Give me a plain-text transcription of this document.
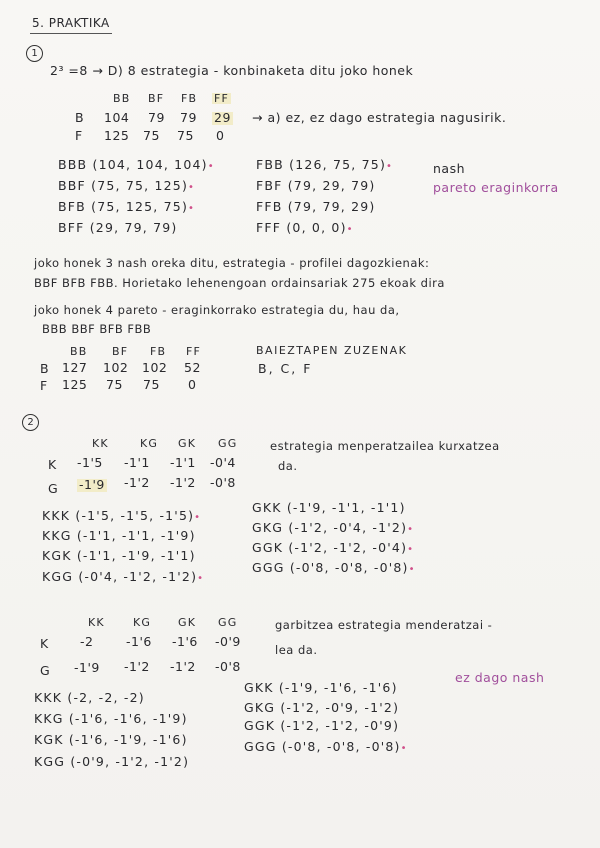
5. PRAKTIKA
1
2³ =8 → D) 8 estrategia - konbinaketa ditu joko honek
BB BF FB FF
B 104 79 79 29
F 125 75 75 0
→ a) ez, ez dago estrategia nagusirik.
BBB (104, 104, 104)•
BBF (75, 75, 125)•
BFB (75, 125, 75)•
BFF (29, 79, 79)
FBB (126, 75, 75)•
FBF (79, 29, 79)
FFB (79, 79, 29)
FFF (0, 0, 0)•
nash
pareto eraginkorra
joko honek 3 nash oreka ditu, estrategia - profilei dagozkienak:
BBF BFB FBB. Horietako lehenengoan ordainsariak 275 ekoak dira
joko honek 4 pareto - eraginkorrako estrategia du, hau da,
BBB BBF BFB FBB
BB BF FB FF
B 127 102 102 52
F 125 75 75 0
BAIEZTAPEN ZUZENAK
B, C, F
2
KK	KG GK GG
K -1'5 -1'1 -1'1 -0'4
G -1'9 -1'2 -1'2 -0'8
estrategia menperatzailea kurxatzea
da.
KKK (-1'5, -1'5, -1'5)•
KKG (-1'1, -1'1, -1'9)
KGK (-1'1, -1'9, -1'1)
KGG (-0'4, -1'2, -1'2)•
GKK (-1'9, -1'1, -1'1)
GKG (-1'2, -0'4, -1'2)•
GGK (-1'2, -1'2, -0'4)•
GGG (-0'8, -0'8, -0'8)•
KK	KG GK GG
K	-2	-1'6 -1'6 -0'9
G -1'9 -1'2 -1'2 -0'8
garbitzea estrategia menderatzai -
lea da.
ez dago nash
KKK (-2, -2, -2)
KKG (-1'6, -1'6, -1'9)
KGK (-1'6, -1'9, -1'6)
KGG (-0'9, -1'2, -1'2)
GKK (-1'9, -1'6, -1'6)
GKG (-1'2, -0'9, -1'2)
GGK (-1'2, -1'2, -0'9)
GGG (-0'8, -0'8, -0'8)•
